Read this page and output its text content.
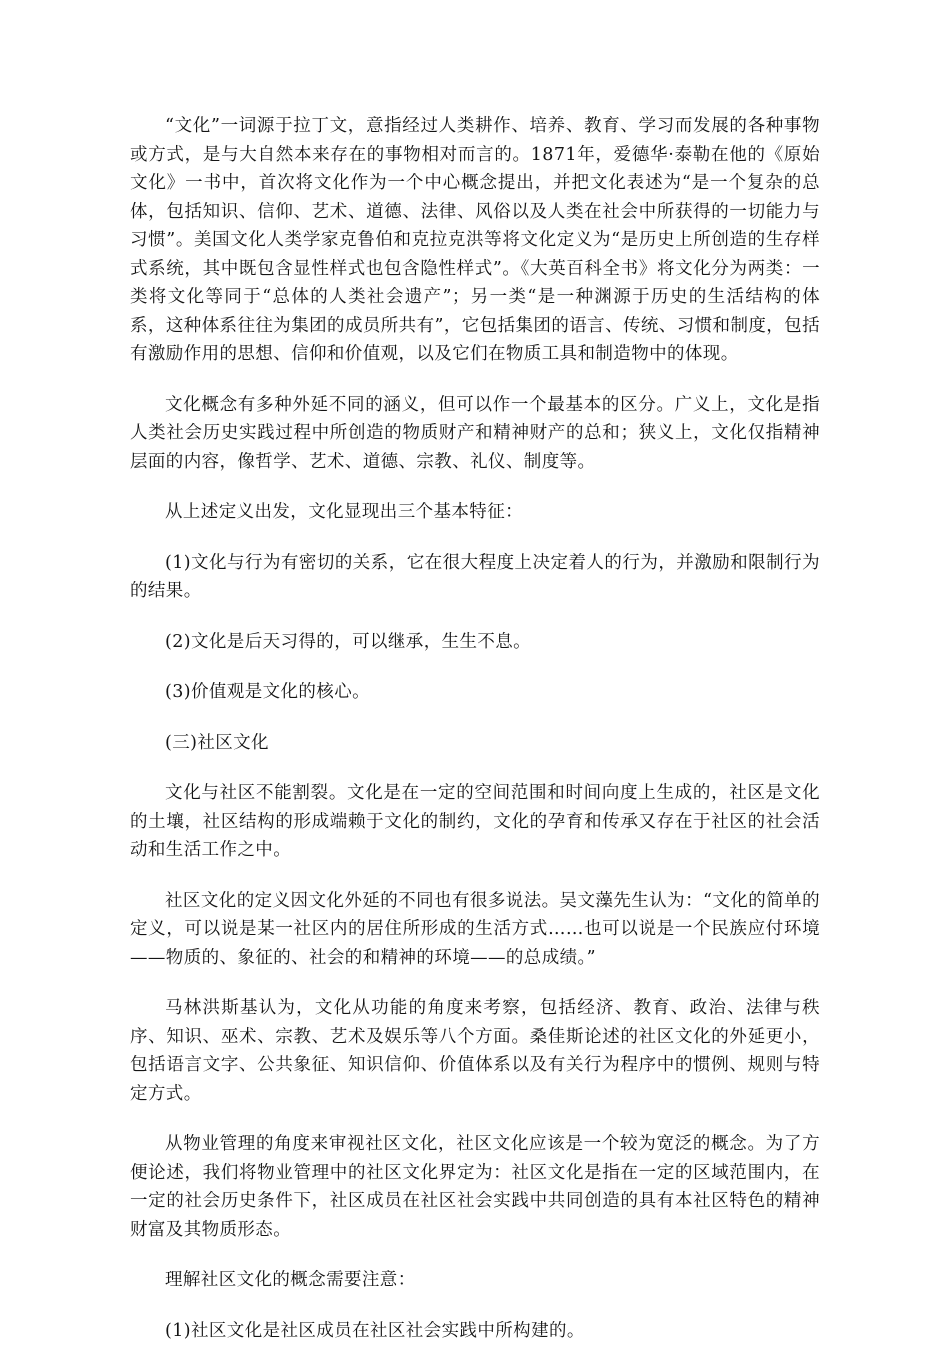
“文化”一词源于拉丁文，意指经过人类耕作、培养、教育、学习而发展的各种事物或方式，是与大自然本来存在的事物相对而言的。1871年，爱德华·泰勒在他的《原始文化》一书中，首次将文化作为一个中心概念提出，并把文化表述为“是一个复杂的总体，包括知识、信仰、艺术、道德、法律、风俗以及人类在社会中所获得的一切能力与习惯”。美国文化人类学家克鲁伯和克拉克洪等将文化定义为“是历史上所创造的生存样式系统，其中既包含显性样式也包含隐性样式”。《大英百科全书》将文化分为两类：一类将文化等同于“总体的人类社会遗产”；另一类“是一种渊源于历史的生活结构的体系，这种体系往往为集团的成员所共有”，它包括集团的语言、传统、习惯和制度，包括有激励作用的思想、信仰和价值观，以及它们在物质工具和制造物中的体现。

文化概念有多种外延不同的涵义，但可以作一个最基本的区分。广义上，文化是指人类社会历史实践过程中所创造的物质财产和精神财产的总和；狭义上，文化仅指精神层面的内容，像哲学、艺术、道德、宗教、礼仪、制度等。

从上述定义出发，文化显现出三个基本特征：

(1)文化与行为有密切的关系，它在很大程度上决定着人的行为，并激励和限制行为的结果。

(2)文化是后天习得的，可以继承，生生不息。

(3)价值观是文化的核心。

(三)社区文化

文化与社区不能割裂。文化是在一定的空间范围和时间向度上生成的，社区是文化的土壤，社区结构的形成端赖于文化的制约，文化的孕育和传承又存在于社区的社会活动和生活工作之中。

社区文化的定义因文化外延的不同也有很多说法。吴文藻先生认为：“文化的简单的定义，可以说是某一社区内的居住所形成的生活方式……也可以说是一个民族应付环境——物质的、象征的、社会的和精神的环境——的总成绩。”

马林洪斯基认为，文化从功能的角度来考察，包括经济、教育、政治、法律与秩序、知识、巫术、宗教、艺术及娱乐等八个方面。桑佳斯论述的社区文化的外延更小，包括语言文字、公共象征、知识信仰、价值体系以及有关行为程序中的惯例、规则与特定方式。

从物业管理的角度来审视社区文化，社区文化应该是一个较为宽泛的概念。为了方便论述，我们将物业管理中的社区文化界定为：社区文化是指在一定的区域范围内，在一定的社会历史条件下，社区成员在社区社会实践中共同创造的具有本社区特色的精神财富及其物质形态。

理解社区文化的概念需要注意：

(1)社区文化是社区成员在社区社会实践中所构建的。
